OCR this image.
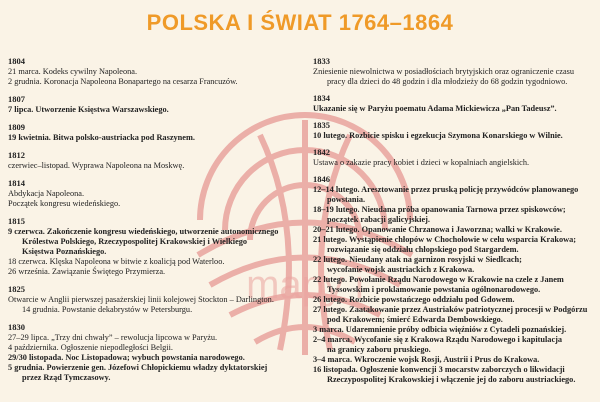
POLSKA I ŚWIAT 1764–1864
mapy i
1804
21 marca. Kodeks cywilny Napoleona.
2 grudnia. Koronacja Napoleona Bonapartego na cesarza Francuzów.
1807
7 lipca. Utworzenie Księstwa Warszawskiego.
1809
19 kwietnia. Bitwa polsko-austriacka pod Raszynem.
1812
czerwiec–listopad. Wyprawa Napoleona na Moskwę.
1814
Abdykacja Napoleona.
Początek kongresu wiedeńskiego.
1815
9 czerwca. Zakończenie kongresu wiedeńskiego, utworzenie autonomicznego
Królestwa Polskiego, Rzeczypospolitej Krakowskiej i Wielkiego
Księstwa Poznańskiego.
18 czerwca. Klęska Napoleona w bitwie z koalicją pod Waterloo.
26 września. Zawiązanie Świętego Przymierza.
1825
Otwarcie w Anglii pierwszej pasażerskiej linii kolejowej Stockton – Darlington.
14 grudnia. Powstanie dekabrystów w Petersburgu.
1830
27–29 lipca. „Trzy dni chwały” – rewolucja lipcowa w Paryżu.
4 października. Ogłoszenie niepodległości Belgii.
29/30 listopada. Noc Listopadowa; wybuch powstania narodowego.
5 grudnia. Powierzenie gen. Józefowi Chłopickiemu władzy dyktatorskiej
przez Rząd Tymczasowy.
1833
Zniesienie niewolnictwa w posiadłościach brytyjskich oraz ograniczenie czasu
pracy dla dzieci do 48 godzin i dla młodzieży do 68 godzin tygodniowo.
1834
Ukazanie się w Paryżu poematu Adama Mickiewicza „Pan Tadeusz”.
1835
10 lutego. Rozbicie spisku i egzekucja Szymona Konarskiego w Wilnie.
1842
Ustawa o zakazie pracy kobiet i dzieci w kopalniach angielskich.
1846
12–14 lutego. Aresztowanie przez pruską policję przywódców planowanego
powstania.
18–19 lutego. Nieudana próba opanowania Tarnowa przez spiskowców;
początek rabacji galicyjskiej.
20–21 lutego. Opanowanie Chrzanowa i Jaworzna; walki w Krakowie.
21 lutego. Wystąpienie chłopów w Chochołowie w celu wsparcia Krakowa;
rozwiązanie się oddziału chłopskiego pod Stargardem.
22 lutego. Nieudany atak na garnizon rosyjski w Siedlcach;
wycofanie wojsk austriackich z Krakowa.
22 lutego. Powołanie Rządu Narodowego w Krakowie na czele z Janem
Tyssowskim i proklamowanie powstania ogólnonarodowego.
26 lutego. Rozbicie powstańczego oddziału pod Gdowem.
27 lutego. Zaatakowanie przez Austriaków patriotycznej procesji w Podgórzu
pod Krakowem; śmierć Edwarda Dembowskiego.
3 marca. Udaremnienie próby odbicia więźniów z Cytadeli poznańskiej.
2–4 marca. Wycofanie się z Krakowa Rządu Narodowego i kapitulacja
na granicy zaboru pruskiego.
3–4 marca. Wkroczenie wojsk Rosji, Austrii i Prus do Krakowa.
16 listopada. Ogłoszenie konwencji 3 mocarstw zaborczych o likwidacji
Rzeczypospolitej Krakowskiej i włączenie jej do zaboru austriackiego.
